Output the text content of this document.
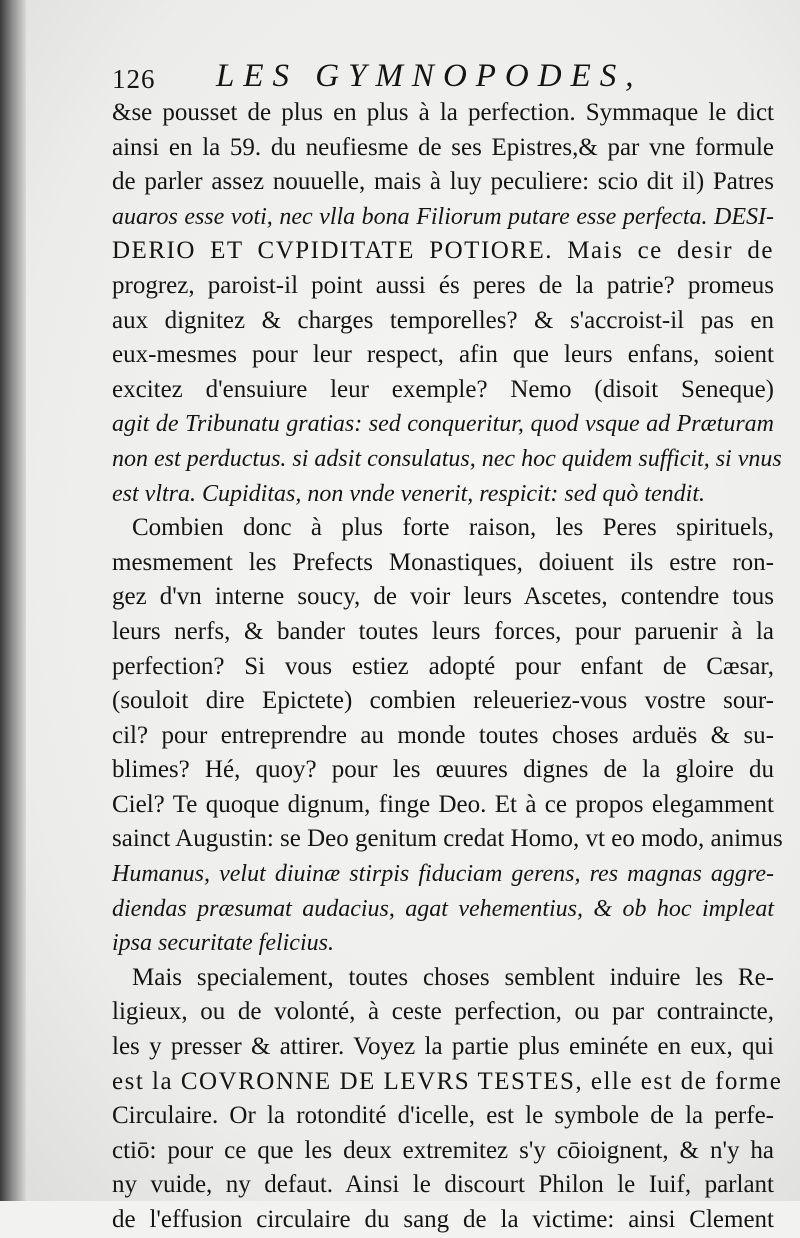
126 LES GYMNOPODES,
&se pousset de plus en plus à la perfection. Symmaque le dict
ainsi en la 59. du neufiesme de ses Epistres,& par vne formule
de parler assez nouuelle, mais à luy peculiere: scio dit il) Patres
auaros esse voti, nec vlla bona Filiorum putare esse perfecta. DESI-
DERIO ET CVPIDITATE POTIORE. Mais ce desir de
progrez, paroist-il point aussi és peres de la patrie? promeus
aux dignitez & charges temporelles? & s'accroist-il pas en
eux-mesmes pour leur respect, afin que leurs enfans, soient
excitez d'ensuiure leur exemple? Nemo (disoit Seneque)
agit de Tribunatu gratias: sed conqueritur, quod vsque ad Præturam
non est perductus. si adsit consulatus, nec hoc quidem sufficit, si vnus
est vltra. Cupiditas, non vnde venerit, respicit: sed quò tendit.
Combien donc à plus forte raison, les Peres spirituels,
mesmement les Prefects Monastiques, doiuent ils estre ron-
gez d'vn interne soucy, de voir leurs Ascetes, contendre tous
leurs nerfs, & bander toutes leurs forces, pour paruenir à la
perfection? Si vous estiez adopté pour enfant de Cæsar,
(souloit dire Epictete) combien releueriez-vous vostre sour-
cil? pour entreprendre au monde toutes choses arduës & su-
blimes? Hé, quoy? pour les œuures dignes de la gloire du
Ciel? Te quoque dignum, finge Deo. Et à ce propos elegamment
sainct Augustin: se Deo genitum credat Homo, vt eo modo, animus
Humanus, velut diuinæ stirpis fiduciam gerens, res magnas aggre-
diendas præsumat audacius, agat vehementius, & ob hoc impleat
ipsa securitate felicius.
Mais specialement, toutes choses semblent induire les Re-
ligieux, ou de volonté, à ceste perfection, ou par contraincte,
les y presser & attirer. Voyez la partie plus eminéte en eux, qui
est la COVRONNE DE LEVRS TESTES, elle est de forme
Circulaire. Or la rotondité d'icelle, est le symbole de la perfe-
ctiō: pour ce que les deux extremitez s'y cōioignent, & n'y ha
ny vuide, ny defaut. Ainsi le discourt Philon le Iuif, parlant
de l'effusion circulaire du sang de la victime: ainsi Clement
